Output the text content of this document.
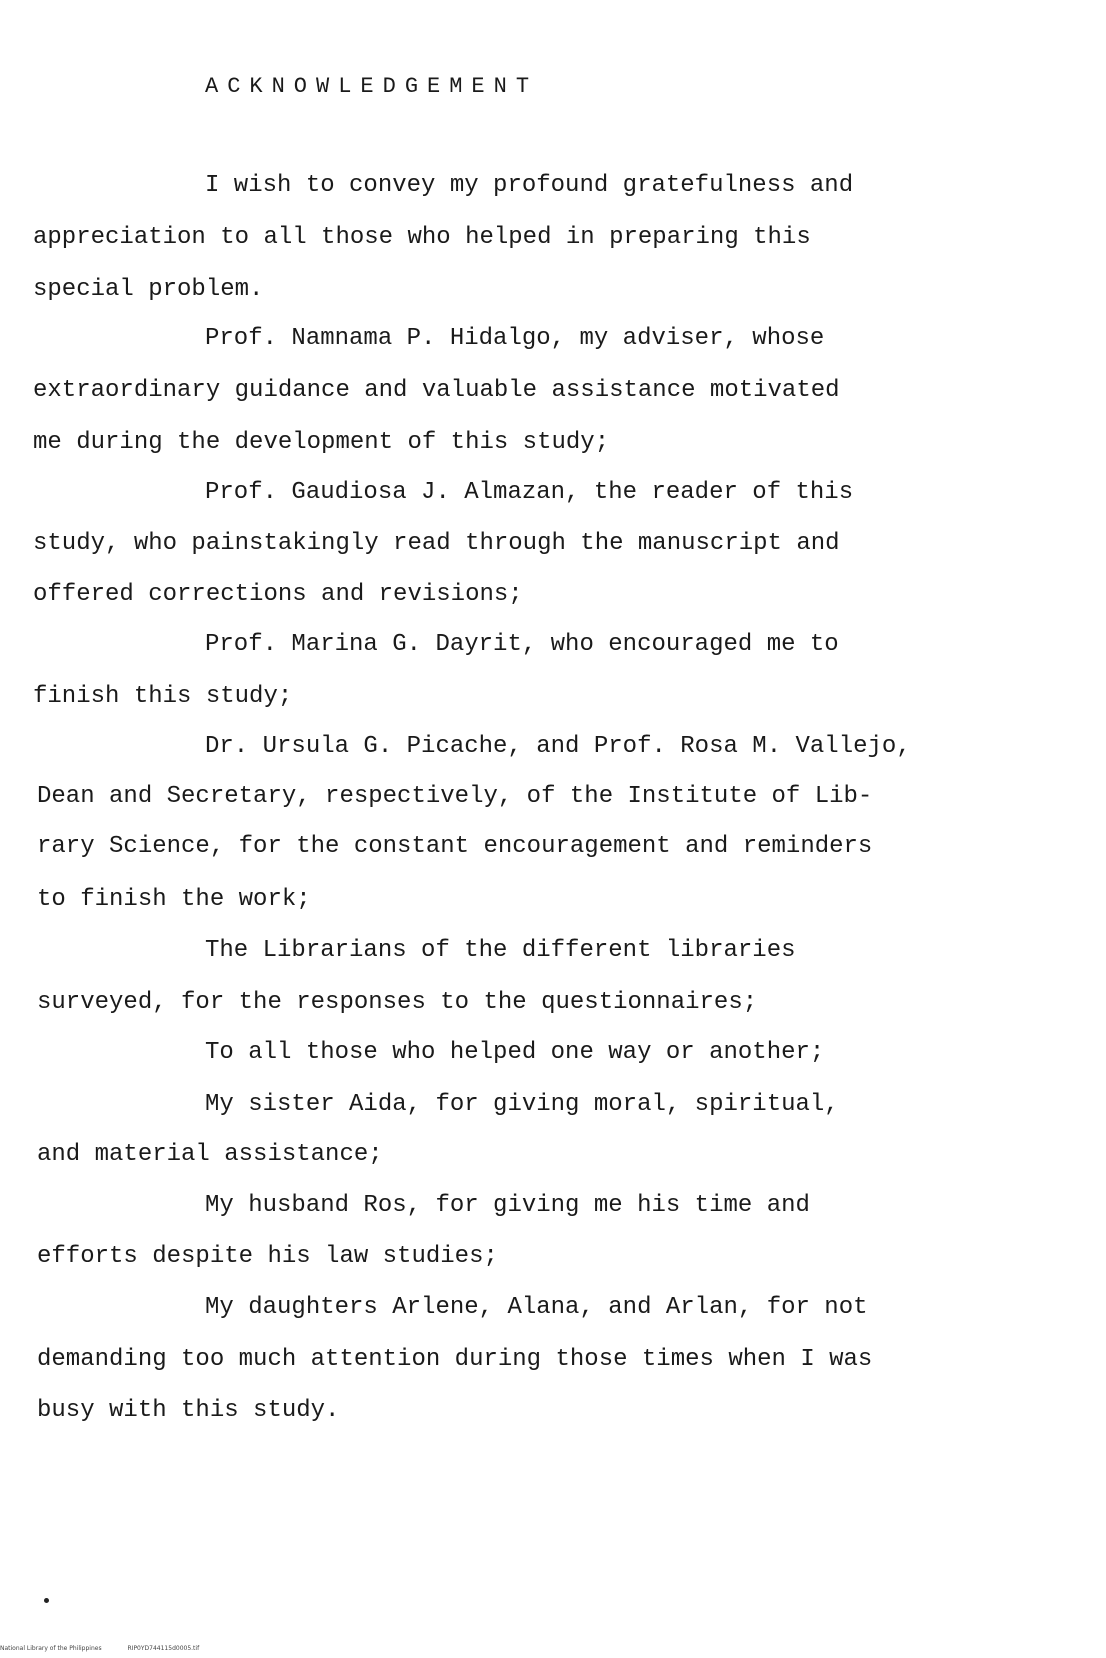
ACKNOWLEDGEMENT
I wish to convey my profound gratefulness and
appreciation to all those who helped in preparing this
special problem.
Prof. Namnama P. Hidalgo, my adviser, whose
extraordinary guidance and valuable assistance motivated
me during the development of this study;
Prof. Gaudiosa J. Almazan, the reader of this
study, who painstakingly read through the manuscript and
offered corrections and revisions;
Prof. Marina G. Dayrit, who encouraged me to
finish this study;
Dr. Ursula G. Picache, and Prof. Rosa M. Vallejo,
Dean and Secretary, respectively, of the Institute of Lib-
rary Science, for the constant encouragement and reminders
to finish the work;
The Librarians of the different libraries
surveyed, for the responses to the questionnaires;
To all those who helped one way or another;
My sister Aida, for giving moral, spiritual,
and material assistance;
My husband Ros, for giving me his time and
efforts despite his law studies;
My daughters Arlene, Alana, and Arlan, for not
demanding too much attention during those times when I was
busy with this study.
National Library of the Philippines	RIP0YD744115d0005.tif
